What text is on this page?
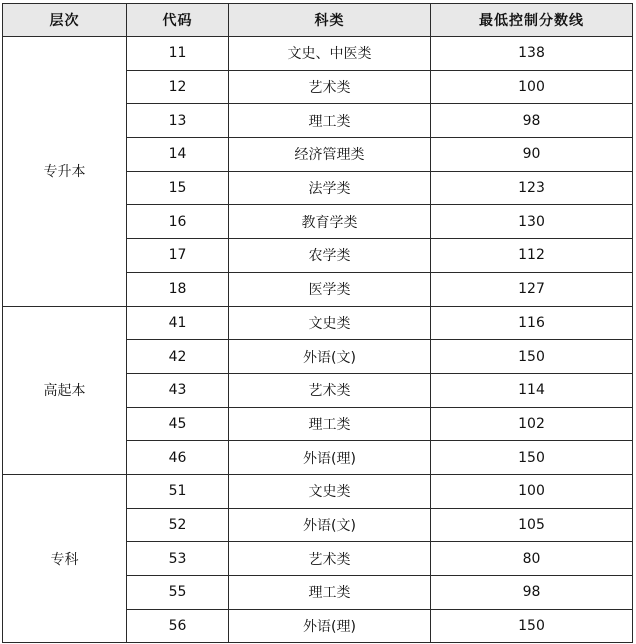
层次	代码	科类	最低控制分数线
专升本	11	文史、中医类	138
	12	艺术类	100
	13	理工类	98
	14	经济管理类	90
	15	法学类	123
	16	教育学类	130
	17	农学类	112
	18	医学类	127
高起本	41	文史类	116
	42	外语(文)	150
	43	艺术类	114
	45	理工类	102
	46	外语(理)	150
专科	51	文史类	100
	52	外语(文)	105
	53	艺术类	80
	55	理工类	98
	56	外语(理)	150
